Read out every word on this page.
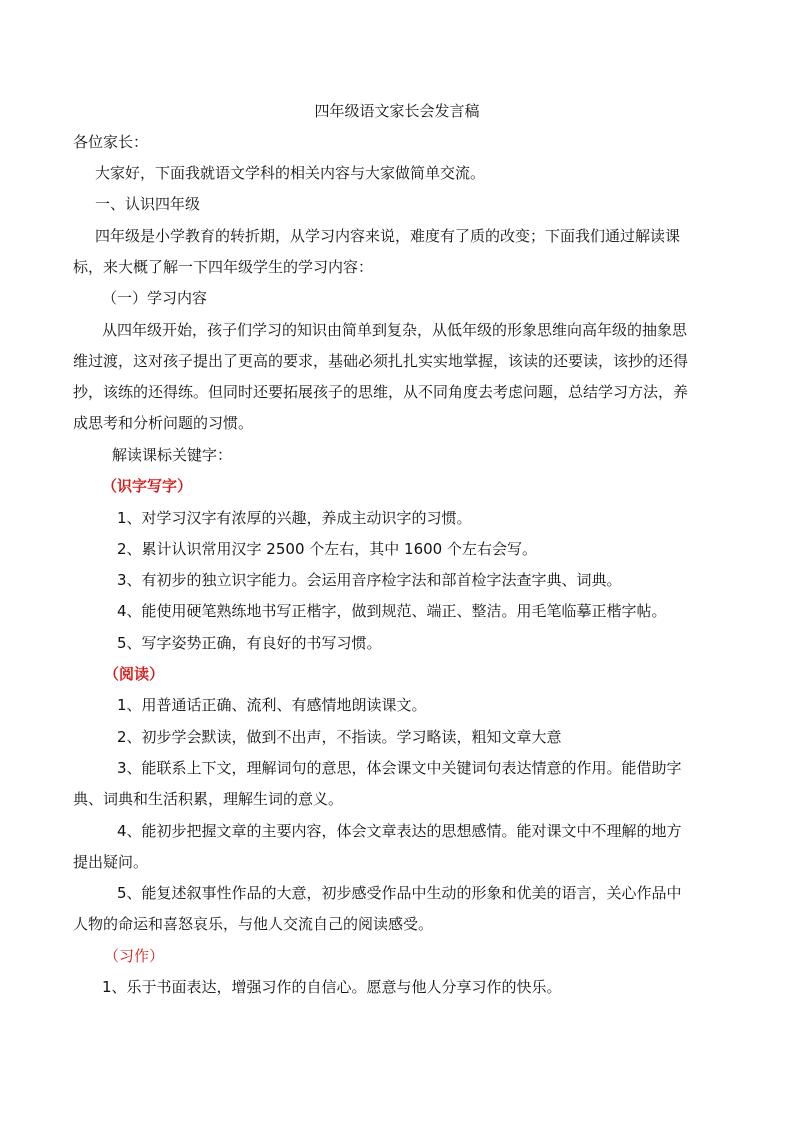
四年级语文家长会发言稿
各位家长：
大家好，下面我就语文学科的相关内容与大家做简单交流。
一、认识四年级
四年级是小学教育的转折期，从学习内容来说，难度有了质的改变；下面我们通过解读课
标，来大概了解一下四年级学生的学习内容：
（一）学习内容
从四年级开始，孩子们学习的知识由简单到复杂，从低年级的形象思维向高年级的抽象思
维过渡，这对孩子提出了更高的要求，基础必须扎扎实实地掌握，该读的还要读，该抄的还得
抄，该练的还得练。但同时还要拓展孩子的思维，从不同角度去考虑问题，总结学习方法，养
成思考和分析问题的习惯。
解读课标关键字：
（识字写字）
1、对学习汉字有浓厚的兴趣，养成主动识字的习惯。
2、累计认识常用汉字 2500 个左右，其中 1600 个左右会写。
3、有初步的独立识字能力。会运用音序检字法和部首检字法查字典、词典。
4、能使用硬笔熟练地书写正楷字，做到规范、端正、整洁。用毛笔临摹正楷字帖。
5、写字姿势正确，有良好的书写习惯。
（阅读）
1、用普通话正确、流利、有感情地朗读课文。
2、初步学会默读，做到不出声，不指读。学习略读，粗知文章大意
3、能联系上下文，理解词句的意思，体会课文中关键词句表达情意的作用。能借助字
典、词典和生活积累，理解生词的意义。
4、能初步把握文章的主要内容，体会文章表达的思想感情。能对课文中不理解的地方
提出疑问。
5、能复述叙事性作品的大意，初步感受作品中生动的形象和优美的语言，关心作品中
人物的命运和喜怒哀乐，与他人交流自己的阅读感受。
（习作）
1、乐于书面表达，增强习作的自信心。愿意与他人分享习作的快乐。
